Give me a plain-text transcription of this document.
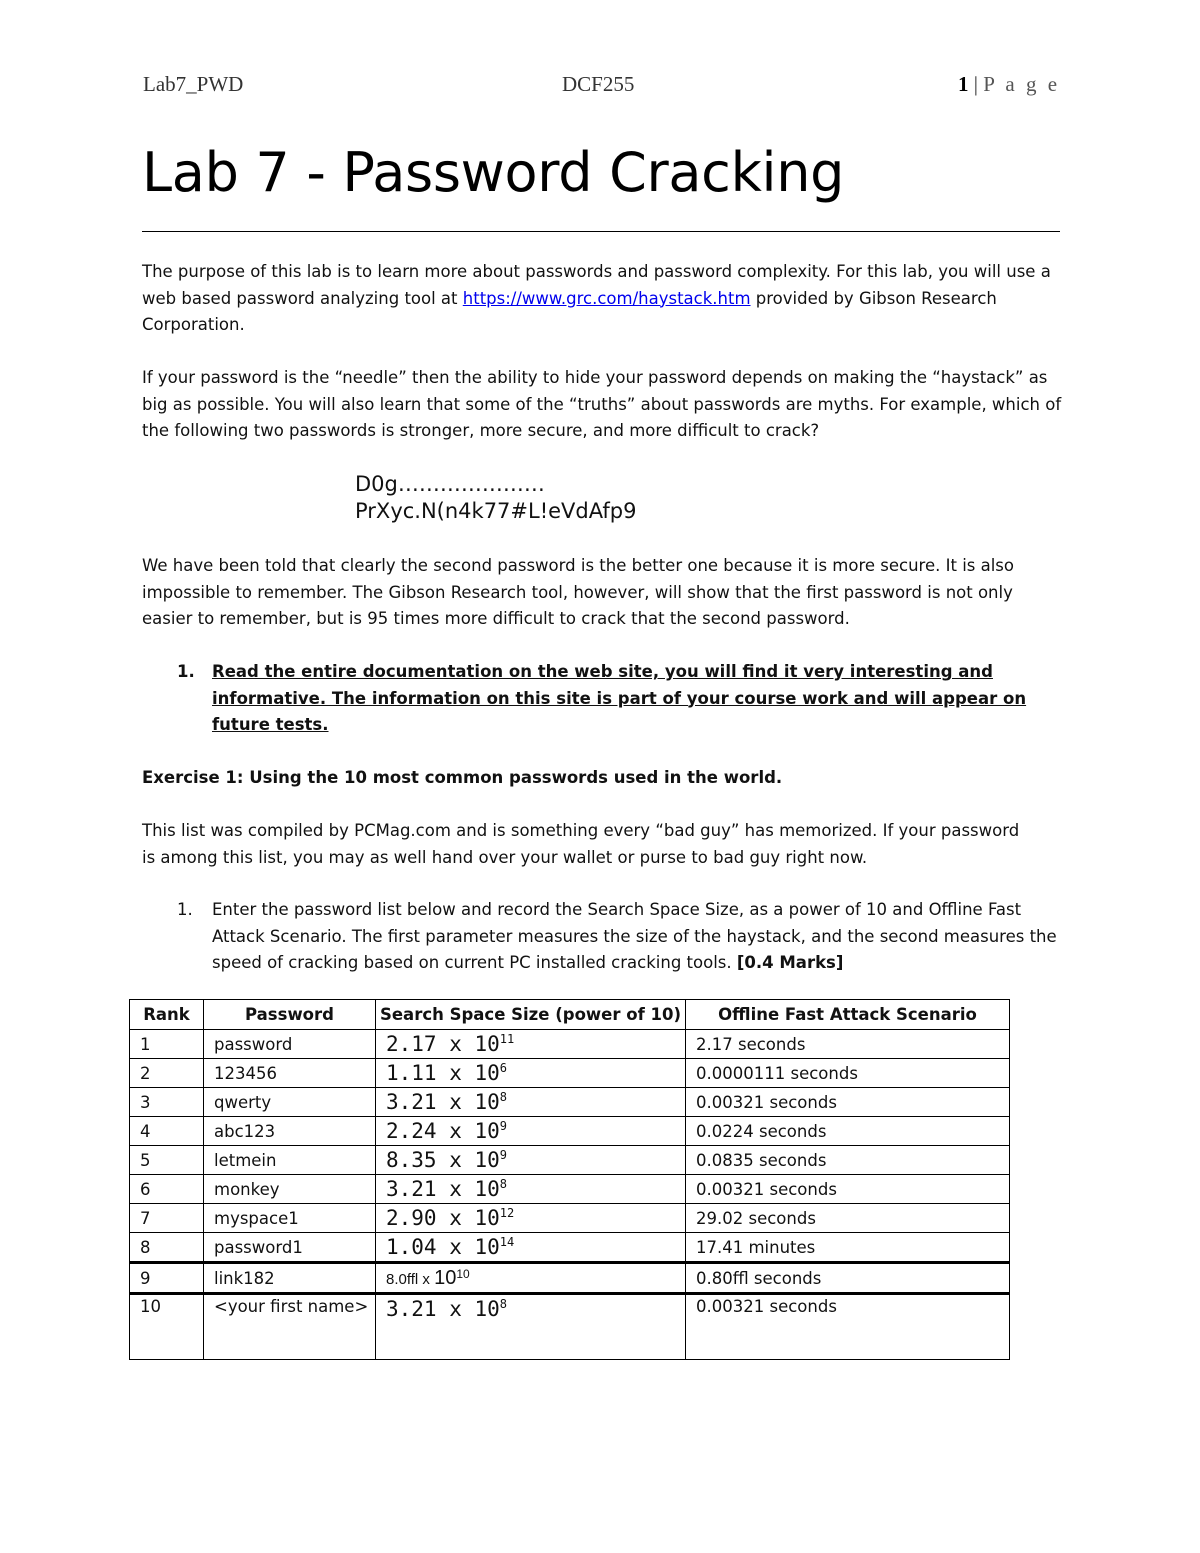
Lab7_PWD	DCF255	1 | P a g e
Lab 7 - Password Cracking

The purpose of this lab is to learn more about passwords and password complexity. For this lab, you will use a web based password analyzing tool at https://www.grc.com/haystack.htm provided by Gibson Research Corporation.

If your password is the “needle” then the ability to hide your password depends on making the “haystack” as big as possible. You will also learn that some of the “truths” about passwords are myths. For example, which of the following two passwords is stronger, more secure, and more difficult to crack?

D0g…………………
PrXyc.N(n4k77#L!eVdAfp9

We have been told that clearly the second password is the better one because it is more secure. It is also impossible to remember. The Gibson Research tool, however, will show that the first password is not only easier to remember, but is 95 times more difficult to crack that the second password.

1. Read the entire documentation on the web site, you will find it very interesting and informative. The information on this site is part of your course work and will appear on future tests.

Exercise 1: Using the 10 most common passwords used in the world.

This list was compiled by PCMag.com and is something every “bad guy” has memorized. If your password is among this list, you may as well hand over your wallet or purse to bad guy right now.

1. Enter the password list below and record the Search Space Size, as a power of 10 and Offline Fast Attack Scenario. The first parameter measures the size of the haystack, and the second measures the speed of cracking based on current PC installed cracking tools. [0.4 Marks]

Rank	Password	Search Space Size (power of 10)	Offline Fast Attack Scenario
1	password	2.17 x $10^{11}$	2.17 seconds
2	123456	1.11 x $10^6$	0.0000111 seconds
3	qwerty	3.21 x $10^8$	0.00321 seconds
4	abc123	2.24 x $10^9$	0.0224 seconds
5	letmein	8.35 x $10^9$	0.0835 seconds
6	monkey	3.21 x $10^8$	0.00321 seconds
7	myspace1	2.90 x $10^{12}$	29.02 seconds
8	password1	1.04 x $10^{14}$	17.41 minutes
9	link182	8.0ffl x $10^{10}$	0.80ffl seconds
10	<your first name>	3.21 x $10^8$	0.00321 seconds
